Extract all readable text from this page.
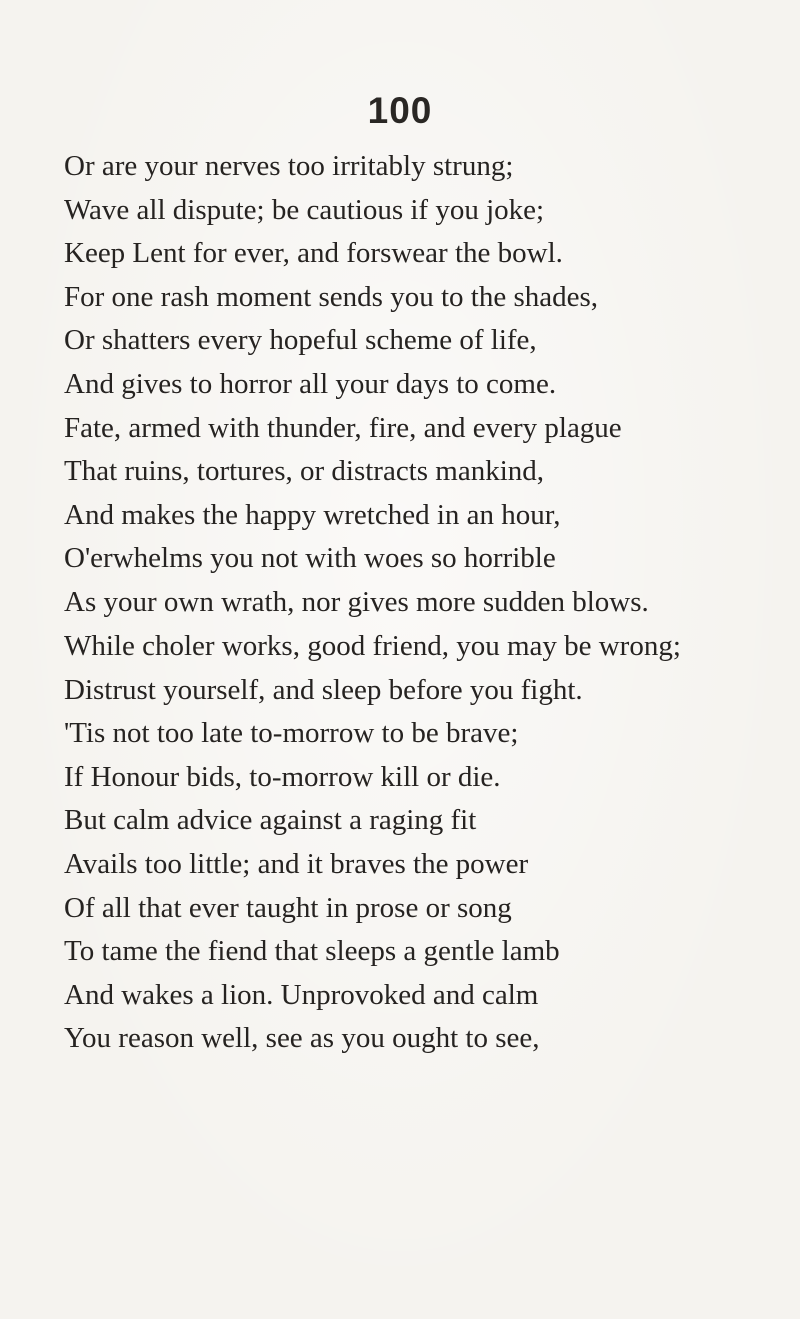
100
Or are your nerves too irritably strung;
Wave all dispute; be cautious if you joke;
Keep Lent for ever, and forswear the bowl.
For one rash moment sends you to the shades,
Or shatters every hopeful scheme of life,
And gives to horror all your days to come.
Fate, armed with thunder, fire, and every plague
That ruins, tortures, or distracts mankind,
And makes the happy wretched in an hour,
O'erwhelms you not with woes so horrible
As your own wrath, nor gives more sudden blows.
While choler works, good friend, you may be wrong;
Distrust yourself, and sleep before you fight.
'Tis not too late to-morrow to be brave;
If Honour bids, to-morrow kill or die.
But calm advice against a raging fit
Avails too little; and it braves the power
Of all that ever taught in prose or song
To tame the fiend that sleeps a gentle lamb
And wakes a lion. Unprovoked and calm
You reason well, see as you ought to see,
